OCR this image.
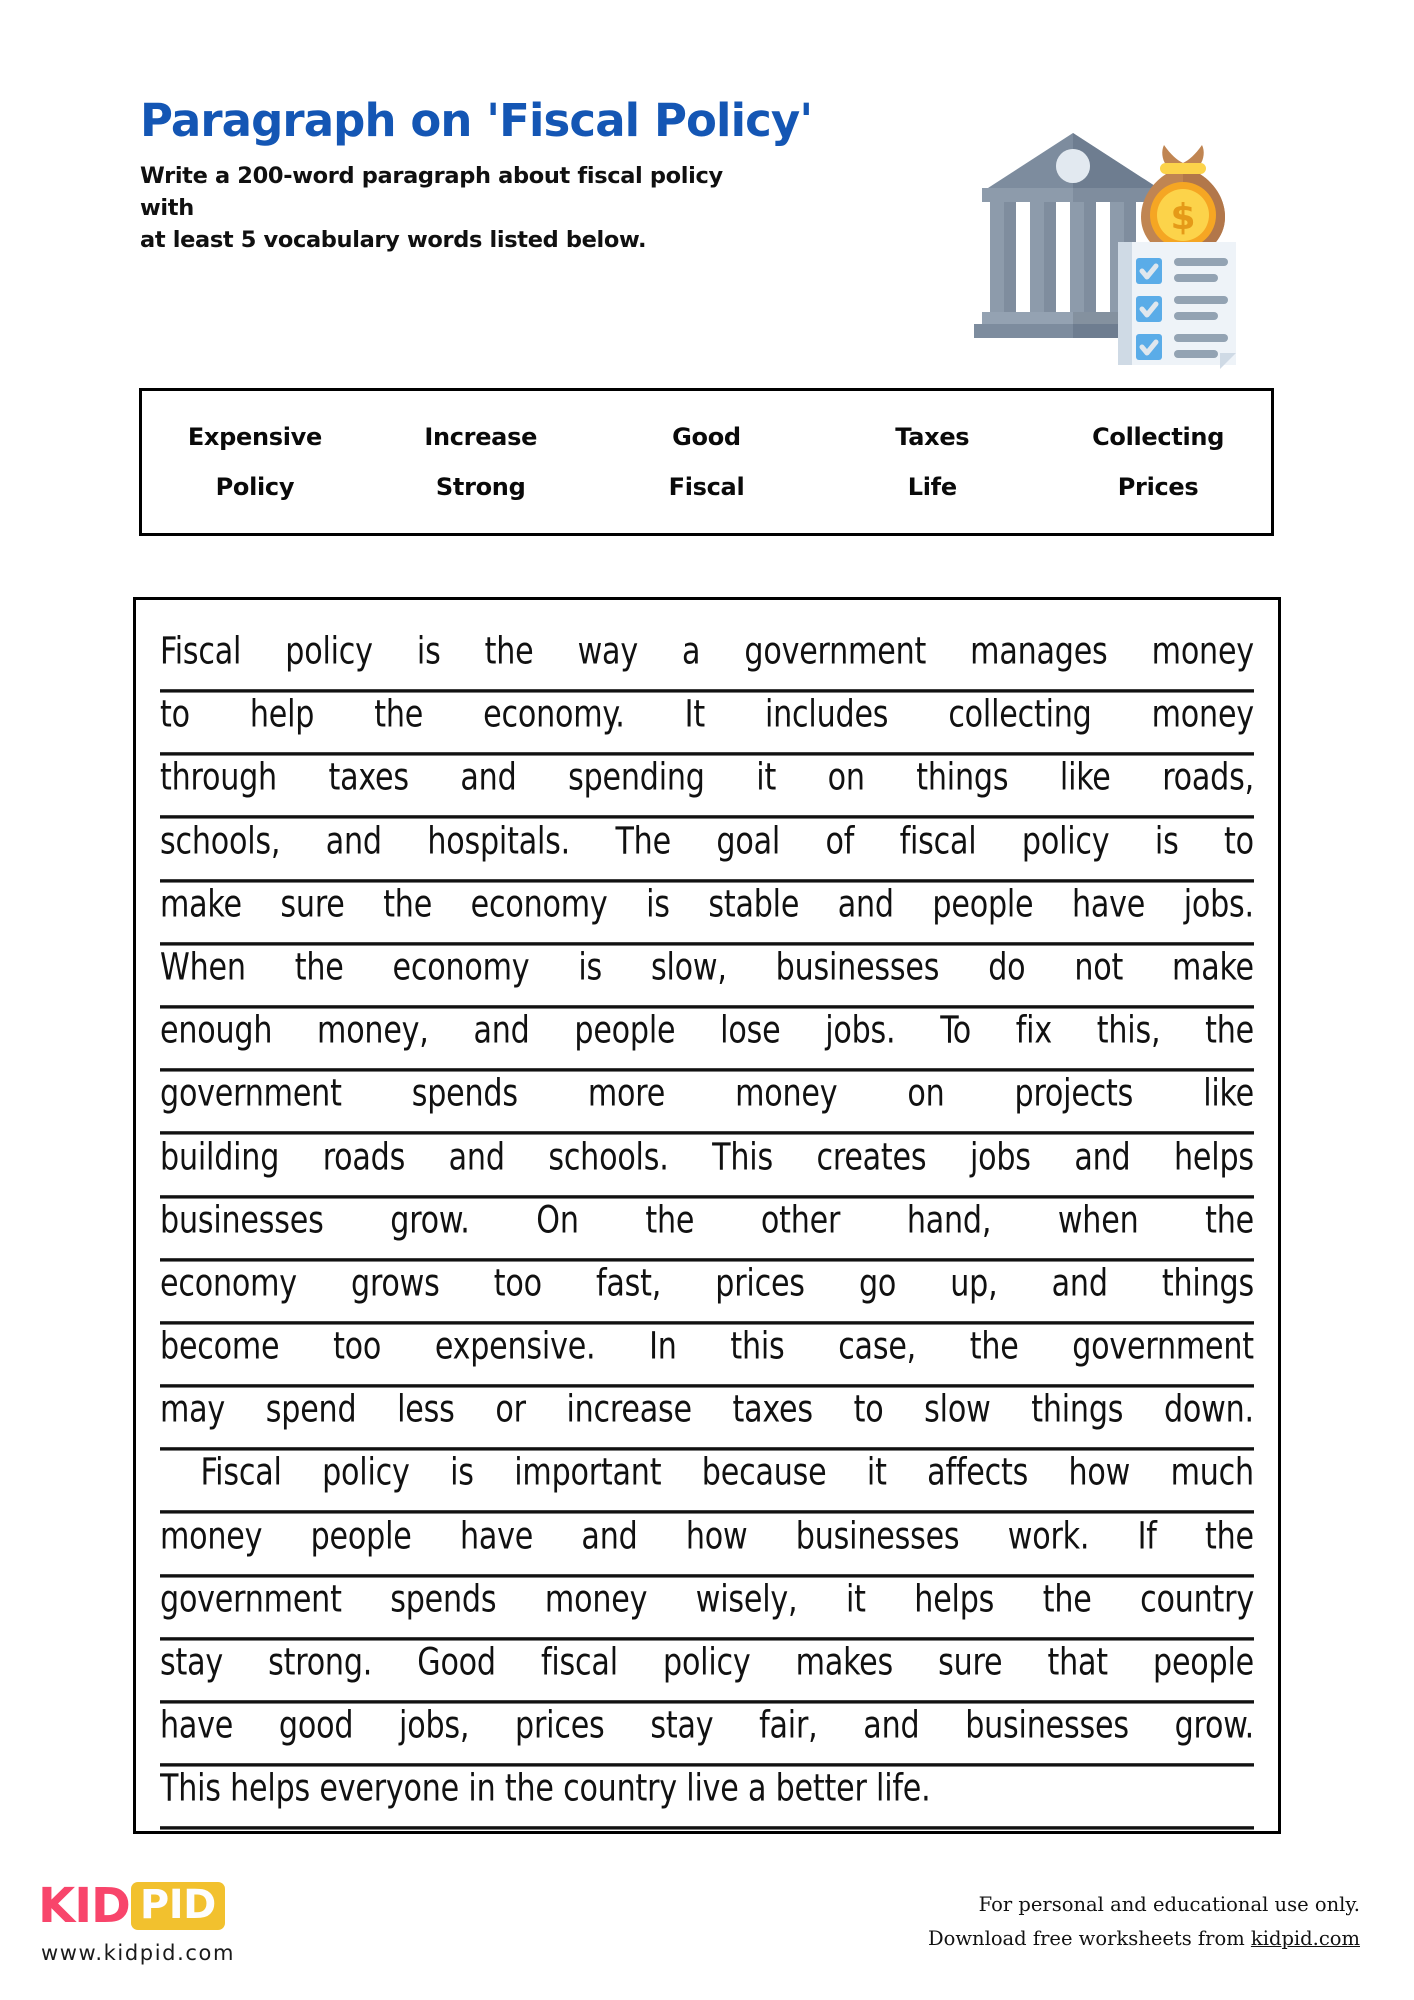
Paragraph on 'Fiscal Policy'
Write a 200-word paragraph about fiscal policy with
at least 5 vocabulary words listed below.
$
Expensive	Increase	Good	Taxes	Collecting
Policy	Strong	Fiscal	Life	Prices
Fiscal policy is the way a government manages money
to help the economy. It includes collecting money
through taxes and spending it on things like roads,
schools, and hospitals. The goal of fiscal policy is to
make sure the economy is stable and people have jobs.
When the economy is slow, businesses do not make
enough money, and people lose jobs. To fix this, the
government spends more money on projects like
building roads and schools. This creates jobs and helps
businesses grow. On the other hand, when the
economy grows too fast, prices go up, and things
become too expensive. In this case, the government
may spend less or increase taxes to slow things down.
Fiscal policy is important because it affects how much
money people have and how businesses work. If the
government spends money wisely, it helps the country
stay strong. Good fiscal policy makes sure that people
have good jobs, prices stay fair, and businesses grow.
This helps everyone in the country live a better life.
KID PID
www.kidpid.com
For personal and educational use only.
Download free worksheets from kidpid.com
